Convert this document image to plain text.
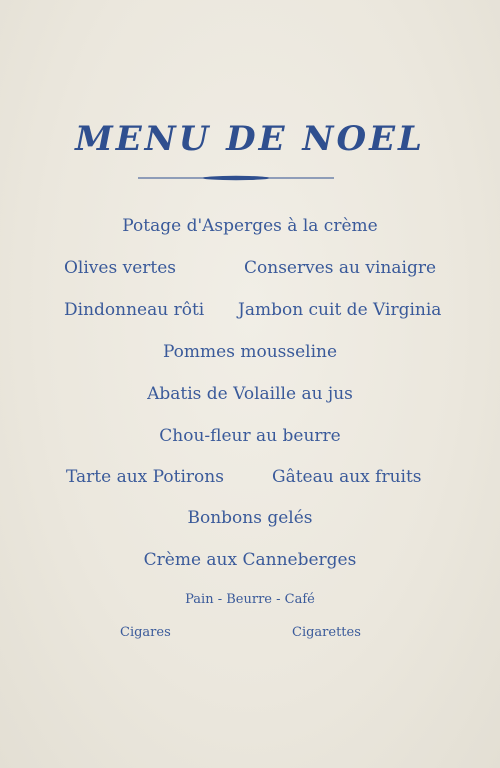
MENU DE NOEL
Potage d'Asperges à la crème
Olives vertes	Conserves au vinaigre
Dindonneau rôti Jambon cuit de Virginia
Pommes mousseline
Abatis de Volaille au jus
Chou-fleur au beurre
Tarte aux Potirons	Gâteau aux fruits
Bonbons gelés
Crème aux Canneberges
Pain - Beurre - Café
Cigares	Cigarettes
